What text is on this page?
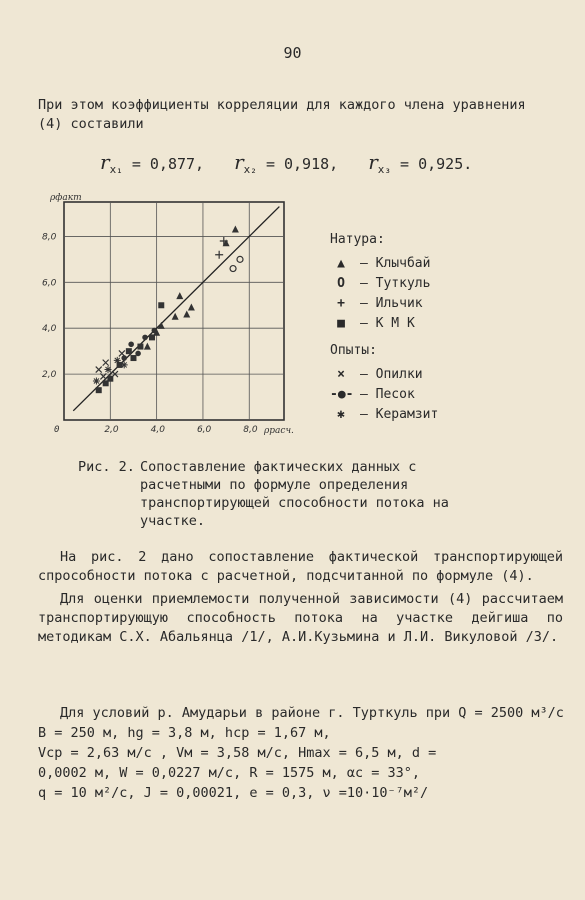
90
При этом коэффициенты корреляции для каждого члена уравнения (4) составили
$r_{x_1} = 0,877$, $r_{x_2} = 0,918$, $r_{x_3} = 0,925$.
2,0
2,0
4,0
4,0
6,0
6,0
8,0
8,0
0	ρрасч.
ρфакт
Натура:
▲	– Клычбай
O	– Туткуль
+	– Ильчик
■	– К М К
Опыты:
×	– Опилки
-●- – Песок
✱	– Керамзит
Рис. 2. Сопоставление фактических данных с расчетными по формуле определения транспортирующей способности потока на участке.

На рис. 2 дано сопоставление фактической транспортирующей спрособности потока с расчетной, подсчитанной по формуле (4).

Для оценки приемлемости полученной зависимости (4) рассчитаем транспортирующую способность потока на участке дейгиша по методикам С.Х. Абальянца /1/, А.И.Кузьмина и Л.И. Викуловой /3/.

Для условий р. Амударьи в районе г. Турткуль при Q = 2500 м³/с B = 250 м, hg = 3,8 м, hср = 1,67 м,
Vср = 2,63 м/с , Vм = 3,58 м/с, Hmax = 6,5 м, d =
0,0002 м, W = 0,0227 м/с, R = 1575 м, αс = 33°,
q = 10 м²/с, J = 0,00021, e = 0,3, ν =10·10⁻⁷м²/
